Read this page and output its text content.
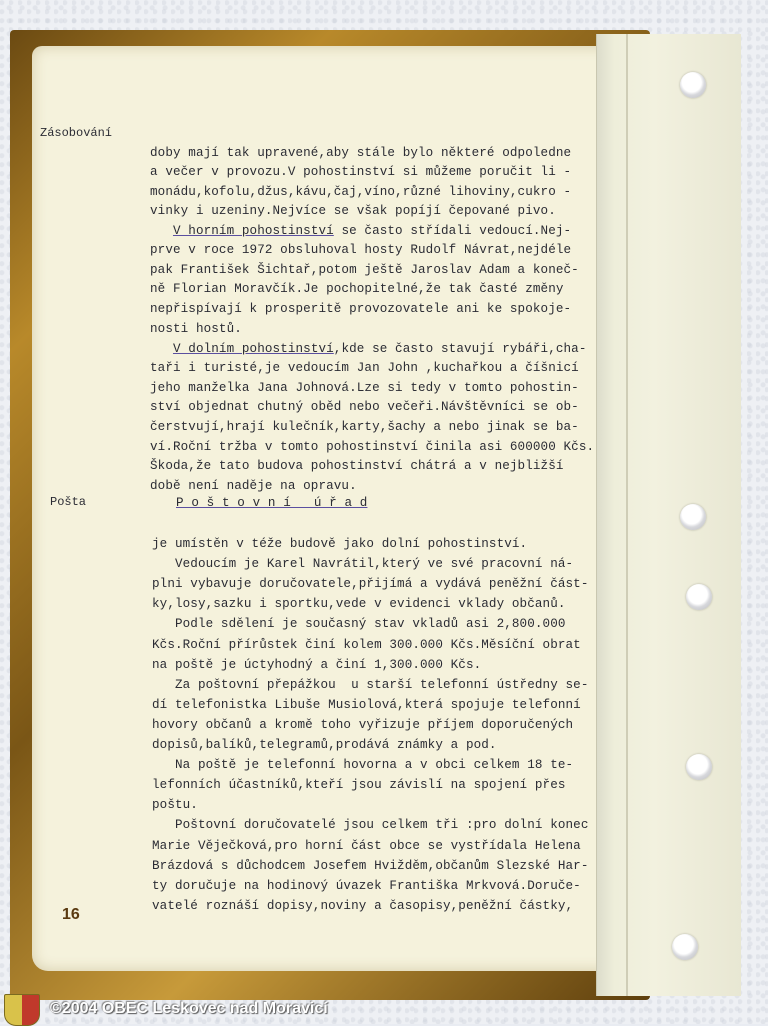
Zásobování
Pošta

doby mají tak upravené,aby stále bylo některé odpoledne
a večer v provozu.V pohostinství si můžeme poručit li -
monádu,kofolu,džus,kávu,čaj,víno,různé lihoviny,cukro -
vinky i uzeniny.Nejvíce se však popíjí čepované pivo.

V horním pohostinství se často střídali vedoucí.Nej-
prve v roce 1972 obsluhoval hosty Rudolf Návrat,nejdéle
pak František Šichtař,potom ještě Jaroslav Adam a koneč-
ně Florian Moravčík.Je pochopitelné,že tak časté změny
nepřispívají k prosperitě provozovatele ani ke spokoje-
nosti hostů.

V dolním pohostinství,kde se často stavují rybáři,cha-
taři i turisté,je vedoucím Jan John ,kuchařkou a číšnicí
jeho manželka Jana Johnová.Lze si tedy v tomto pohostin-
ství objednat chutný oběd nebo večeři.Návštěvníci se ob-
čerstvují,hrají kulečník,karty,šachy a nebo jinak se ba-
ví.Roční tržba v tomto pohostinství činila asi 600000 Kčs.
Škoda,že tato budova pohostinství chátrá a v nejbližší
době není naděje na opravu.

P o š t o v n í   ú ř a d

je umístěn v téže budově jako dolní pohostinství.
Vedoucím je Karel Navrátil,který ve své pracovní ná-
plni vybavuje doručovatele,přijímá a vydává peněžní část-
ky,losy,sazku i sportku,vede v evidenci vklady občanů.
Podle sdělení je současný stav vkladů asi 2,800.000
Kčs.Roční přírůstek činí kolem 300.000 Kčs.Měsíční obrat
na poště je úctyhodný a činí 1,300.000 Kčs.
Za poštovní přepážkou  u starší telefonní ústředny se-
dí telefonistka Libuše Musiolová,která spojuje telefonní
hovory občanů a kromě toho vyřizuje příjem doporučených
dopisů,balíků,telegramů,prodává známky a pod.
Na poště je telefonní hovorna a v obci celkem 18 te-
lefonních účastníků,kteří jsou závislí na spojení přes
poštu.
Poštovní doručovatelé jsou celkem tři :pro dolní konec
Marie Věječková,pro horní část obce se vystřídala Helena
Brázdová s důchodcem Josefem Hvižděm,občanům Slezské Har-
ty doručuje na hodinový úvazek Františka Mrkvová.Doruče-
vatelé roznáší dopisy,noviny a časopisy,peněžní částky,

16
©2004 OBEC Leskovec nad Moravicí
